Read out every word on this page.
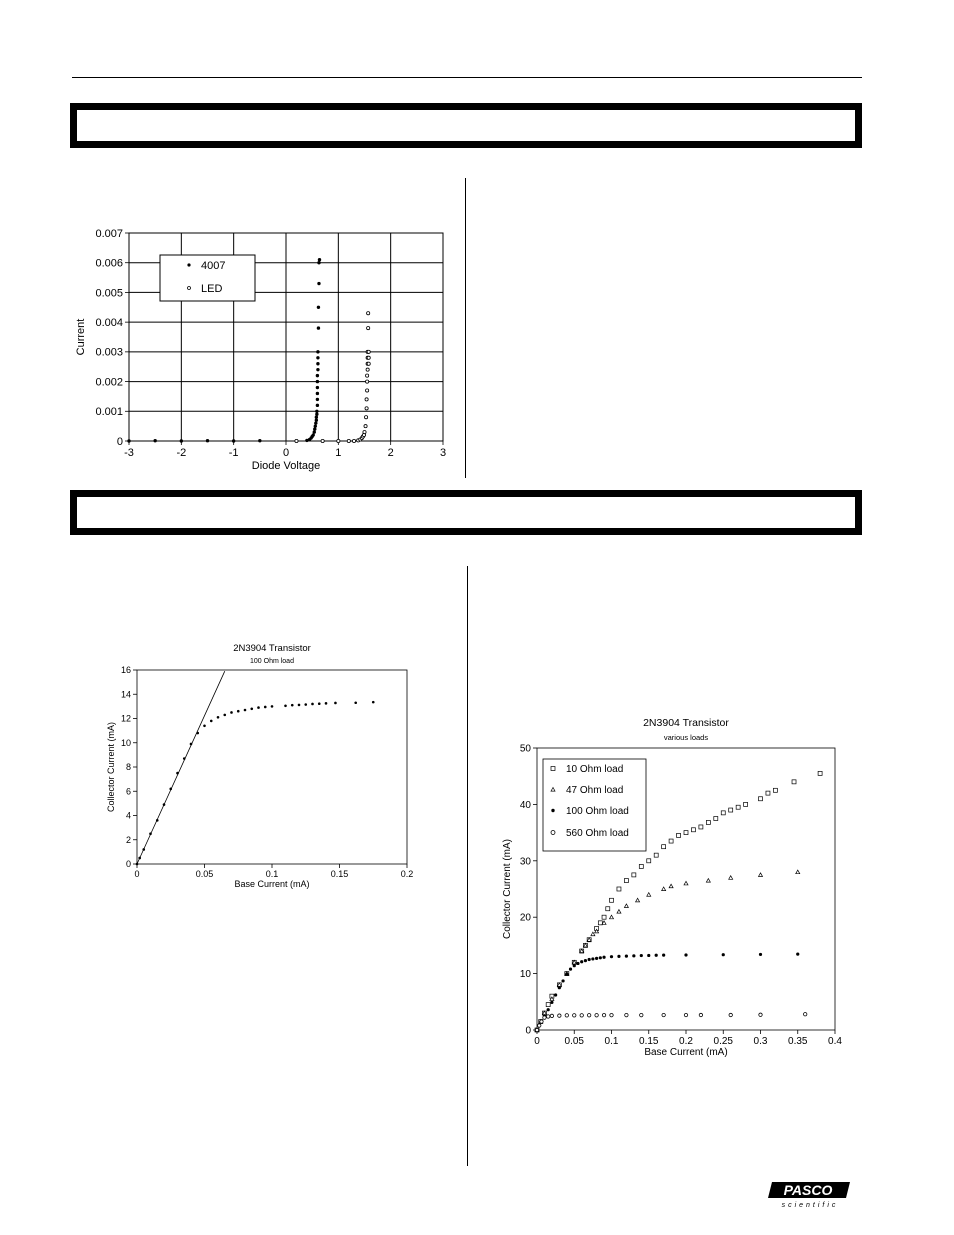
-3	-2	-1	0	1	2	3
0
0.001
0.002
0.003
0.004
0.005
0.006
0.007
4007
LED
Diode Voltage
Current
2N3904 Transistor
100 Ohm load
0	0.05	0.1	0.15	0.2
0
2
4
6
8
10
12
14
16
Base Current (mA)
Collector Current (mA)	2N3904 Transistor
various loads
0 0.05 0.1 0.15 0.2 0.25 0.3 0.35 0.4
0
10
20
30
40
50
10 Ohm load
47 Ohm load
100 Ohm load
560 Ohm load
Base Current (mA)
Collector Current (mA)
PASCO
scientific
